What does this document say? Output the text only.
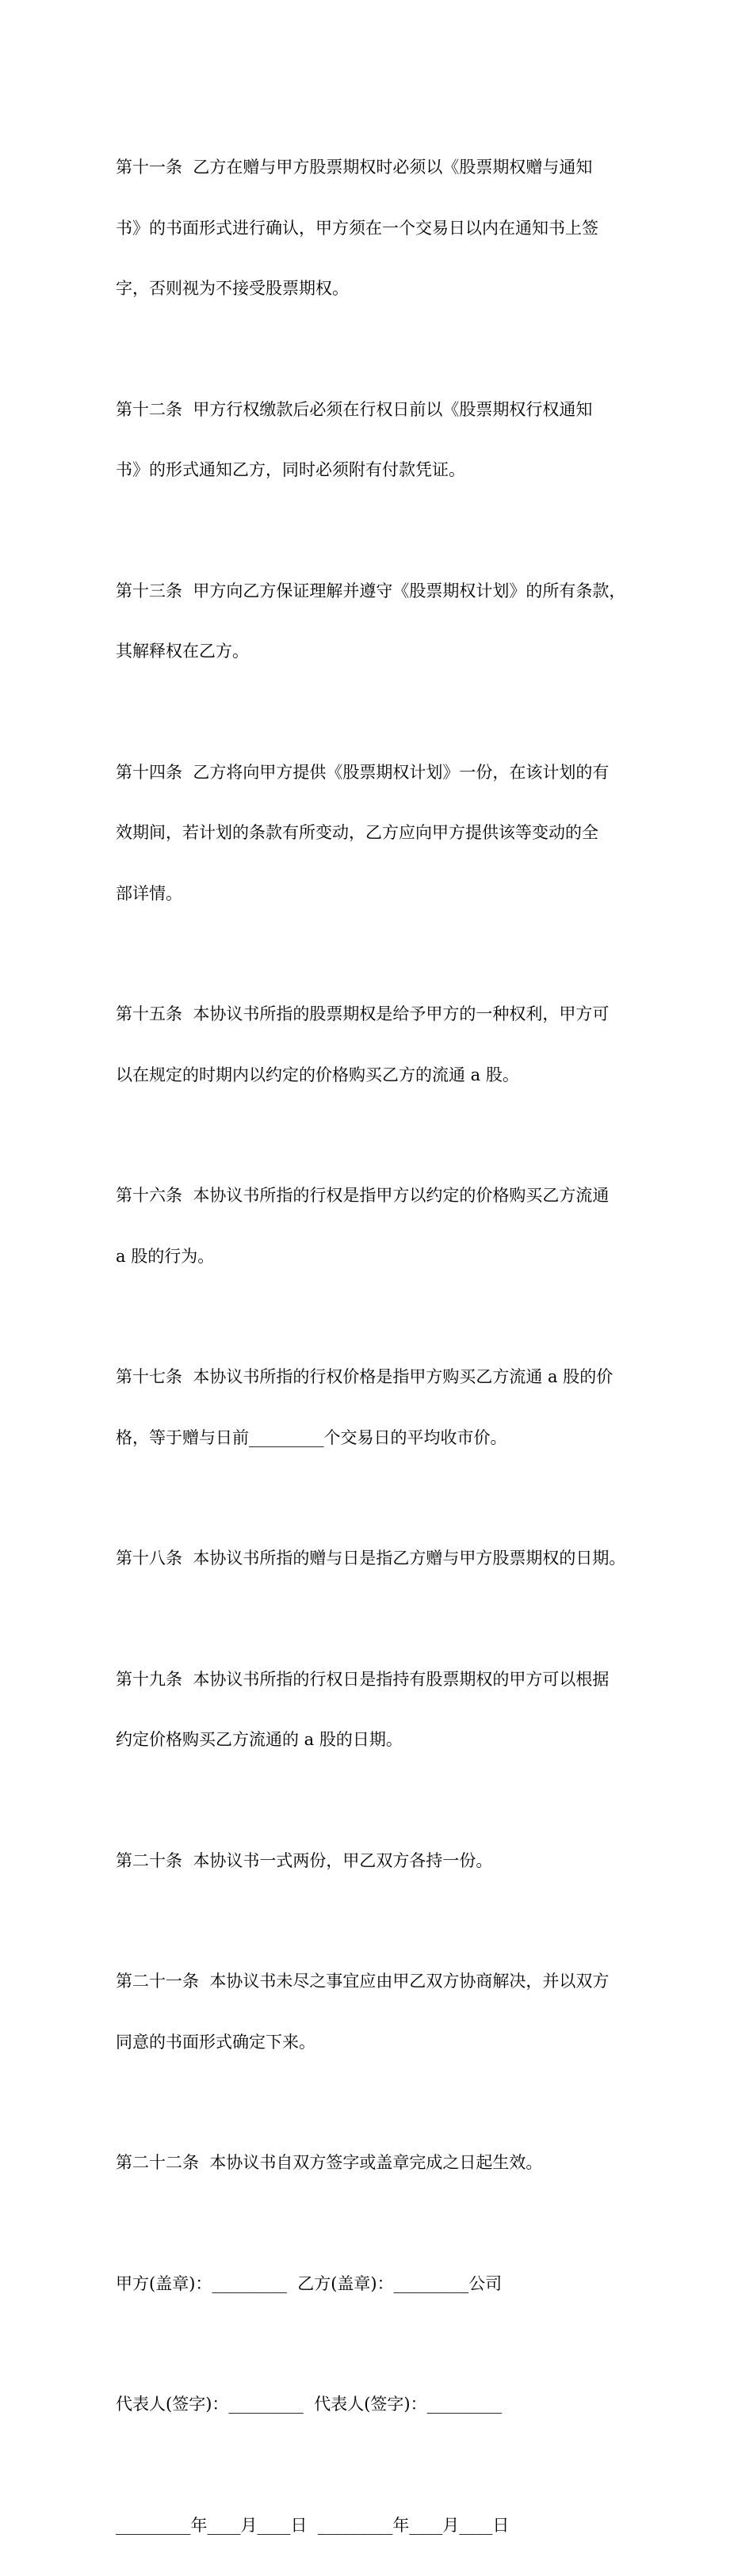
第十一条  乙方在赠与甲方股票期权时必须以《股票期权赠与通知

书》的书面形式进行确认，甲方须在一个交易日以内在通知书上签

字，否则视为不接受股票期权。

第十二条  甲方行权缴款后必须在行权日前以《股票期权行权通知

书》的形式通知乙方，同时必须附有付款凭证。

第十三条  甲方向乙方保证理解并遵守《股票期权计划》的所有条款，

其解释权在乙方。

第十四条  乙方将向甲方提供《股票期权计划》一份，在该计划的有

效期间，若计划的条款有所变动，乙方应向甲方提供该等变动的全

部详情。

第十五条  本协议书所指的股票期权是给予甲方的一种权利，甲方可

以在规定的时期内以约定的价格购买乙方的流通 a 股。

第十六条  本协议书所指的行权是指甲方以约定的价格购买乙方流通

a 股的行为。

第十七条  本协议书所指的行权价格是指甲方购买乙方流通 a 股的价

格，等于赠与日前_________个交易日的平均收市价。

第十八条  本协议书所指的赠与日是指乙方赠与甲方股票期权的日期。

第十九条  本协议书所指的行权日是指持有股票期权的甲方可以根据

约定价格购买乙方流通的 a 股的日期。

第二十条  本协议书一式两份，甲乙双方各持一份。

第二十一条  本协议书未尽之事宜应由甲乙双方协商解决，并以双方

同意的书面形式确定下来。

第二十二条  本协议书自双方签字或盖章完成之日起生效。

甲方(盖章)：_________  乙方(盖章)：_________公司

代表人(签字)：_________  代表人(签字)：_________

_________年____月____日  _________年____月____日
